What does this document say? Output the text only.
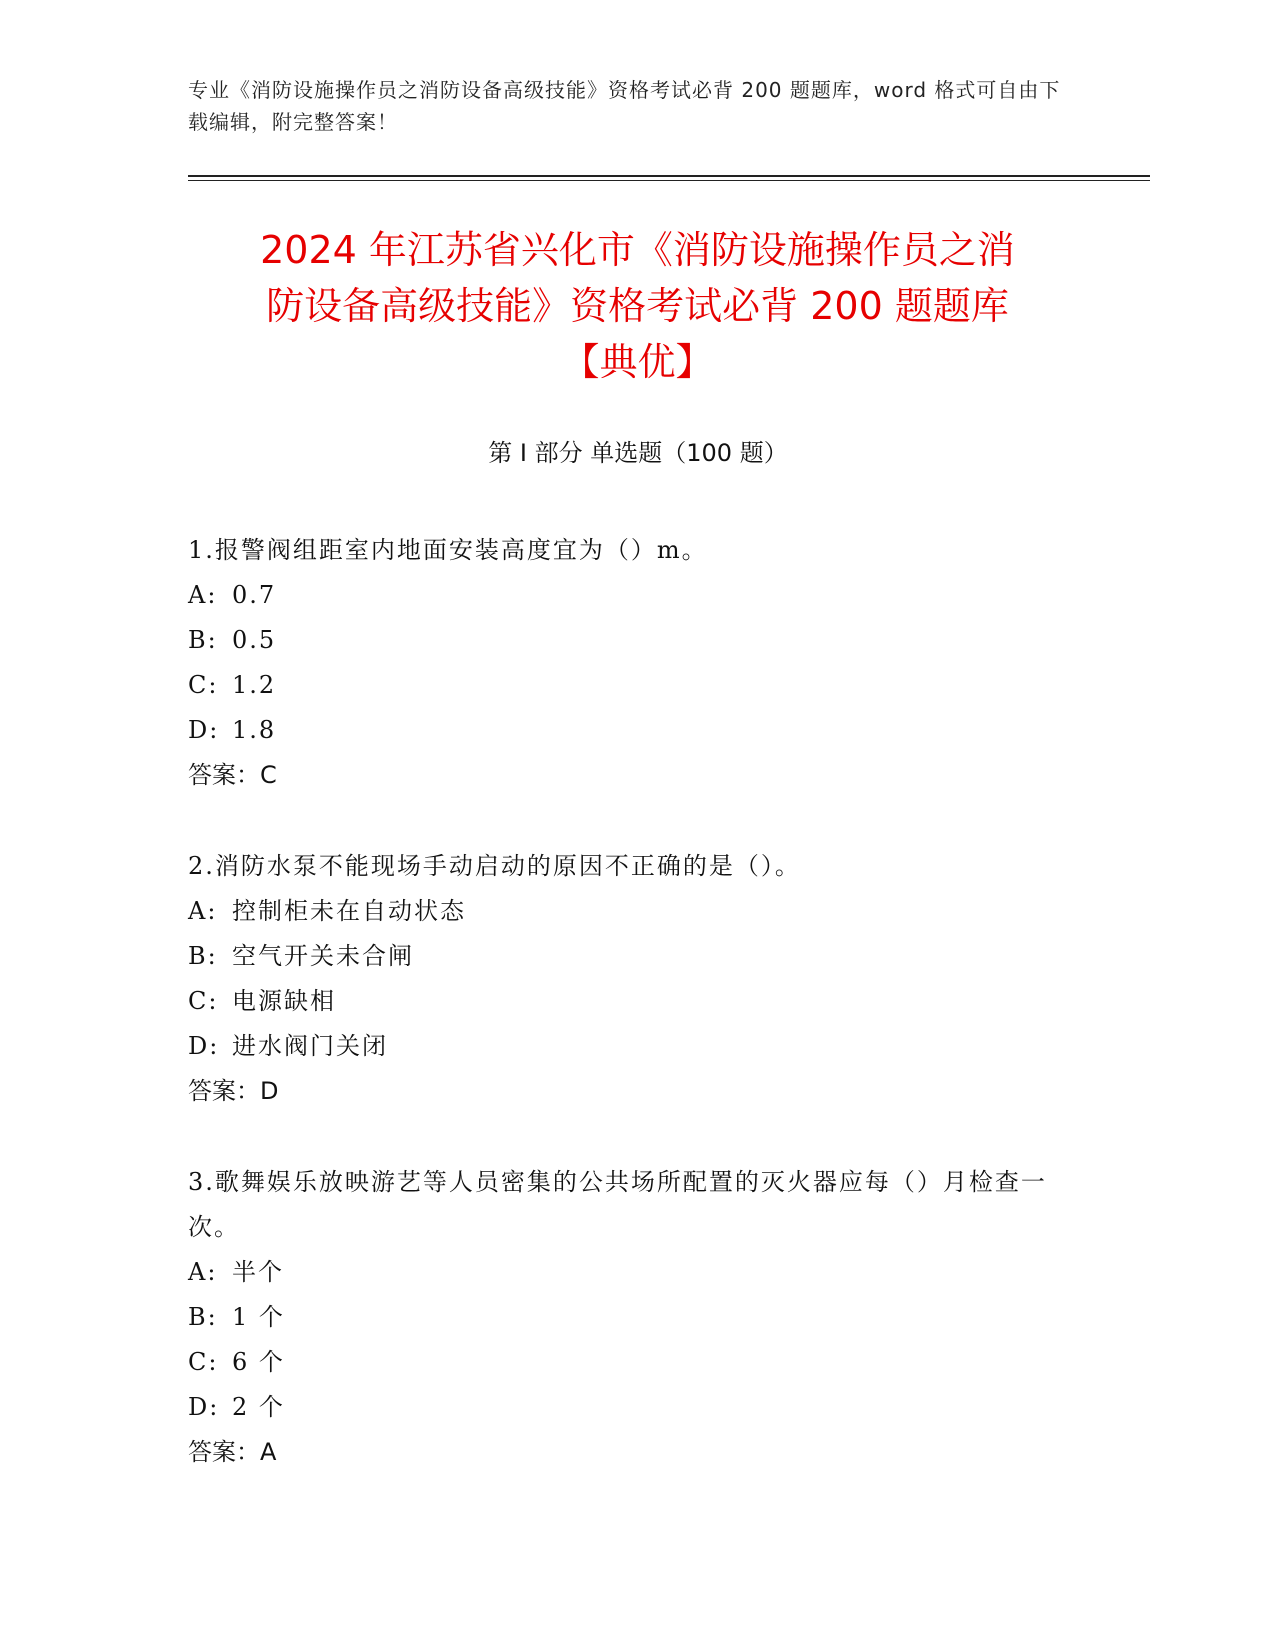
专业《消防设施操作员之消防设备高级技能》资格考试必背 200 题题库，word 格式可自由下载编辑，附完整答案！
2024 年江苏省兴化市《消防设施操作员之消
防设备高级技能》资格考试必背 200 题题库
【典优】
第 I 部分 单选题（100 题）

1.报警阀组距室内地面安装高度宜为（）m。

A: 0.7

B: 0.5

C: 1.2

D: 1.8

答案：C

2.消防水泵不能现场手动启动的原因不正确的是（）。

A: 控制柜未在自动状态

B: 空气开关未合闸

C: 电源缺相

D: 进水阀门关闭

答案：D

3.歌舞娱乐放映游艺等人员密集的公共场所配置的灭火器应每（）月检查一次。

A: 半个

B: 1 个

C: 6 个

D: 2 个

答案：A
